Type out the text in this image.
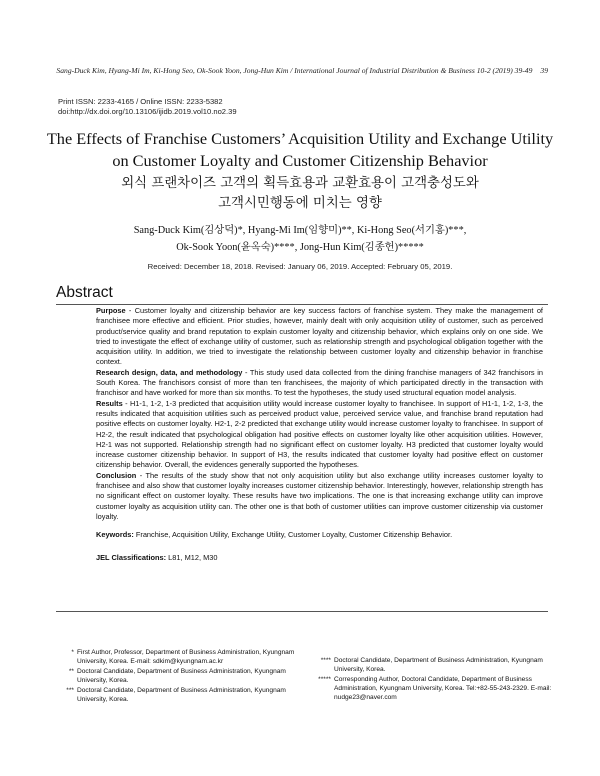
Sang-Duck Kim, Hyang-Mi Im, Ki-Hong Seo, Ok-Sook Yoon, Jong-Hun Kim / International Journal of Industrial Distribution & Business 10-2 (2019) 39-49 39
Print ISSN: 2233-4165 / Online ISSN: 2233-5382
doi:http://dx.doi.org/10.13106/ijidb.2019.vol10.no2.39
The Effects of Franchise Customers’ Acquisition Utility and Exchange Utility
on Customer Loyalty and Customer Citizenship Behavior
외식 프랜차이즈 고객의 획득효용과 교환효용이 고객충성도와
고객시민행동에 미치는 영향
Sang-Duck Kim(김상덕)*, Hyang-Mi Im(임향미)**, Ki-Hong Seo(서기홍)***,
Ok-Sook Yoon(윤옥숙)****, Jong-Hun Kim(김종헌)*****
Received: December 18, 2018. Revised: January 06, 2019. Accepted: February 05, 2019.
Abstract

Purpose - Customer loyalty and citizenship behavior are key success factors of franchise system. They make the management of franchisee more effective and efficient. Prior studies, however, mainly dealt with only acquisition utility of customer, such as perceived product/service quality and brand reputation to explain customer loyalty and citizenship behavior, which explains only on one side. We tried to investigate the effect of exchange utility of customer, such as relationship strength and psychological obligation together with the acquisition utility. In addition, we tried to investigate the relationship between customer loyalty and citizenship behavior in franchise context.

Research design, data, and methodology - This study used data collected from the dining franchise managers of 342 franchisors in South Korea. The franchisors consist of more than ten franchisees, the majority of which participated directly in the transaction with franchisor and have worked for more than six months. To test the hypotheses, the study used structural equation model analysis.

Results - H1-1, 1-2, 1-3 predicted that acquisition utility would increase customer loyalty to franchisee. In support of H1-1, 1-2, 1-3, the results indicated that acquisition utilities such as perceived product value, perceived service value, and franchise brand reputation had positive effects on customer loyalty. H2-1, 2-2 predicted that exchange utility would increase customer loyalty to franchisee. In support of H2-2, the result indicated that psychological obligation had positive effects on customer loyalty like other acquisition utilities. However, H2-1 was not supported. Relationship strength had no significant effect on customer loyalty. H3 predicted that customer loyalty would increase customer citizenship behavior. In support of H3, the results indicated that customer loyalty had positive effect on customer citizenship behavior. Overall, the evidences generally supported the hypotheses.

Conclusion - The results of the study show that not only acquisition utility but also exchange utility increases customer loyalty to franchisee and also show that customer loyalty increases customer citizenship behavior. Interestingly, however, relationship strength has no significant effect on customer loyalty. These results have two implications. The one is that increasing exchange utility can improve customer loyalty as acquisition utility can. The other one is that both of customer utilities can improve customer citizenship via customer loyalty.

Keywords: Franchise, Acquisition Utility, Exchange Utility, Customer Loyalty, Customer Citizenship Behavior.

JEL Classifications: L81, M12, M30

* First Author, Professor, Department of Business Administration, Kyungnam University, Korea. E-mail: sdkim@kyungnam.ac.kr
** Doctoral Candidate, Department of Business Administration, Kyungnam University, Korea.
*** Doctoral Candidate, Department of Business Administration, Kyungnam University, Korea.
**** Doctoral Candidate, Department of Business Administration, Kyungnam University, Korea.
***** Corresponding Author, Doctoral Candidate, Department of Business Administration, Kyungnam University, Korea. Tel:+82-55-243-2329. E-mail: nudge23@naver.com
